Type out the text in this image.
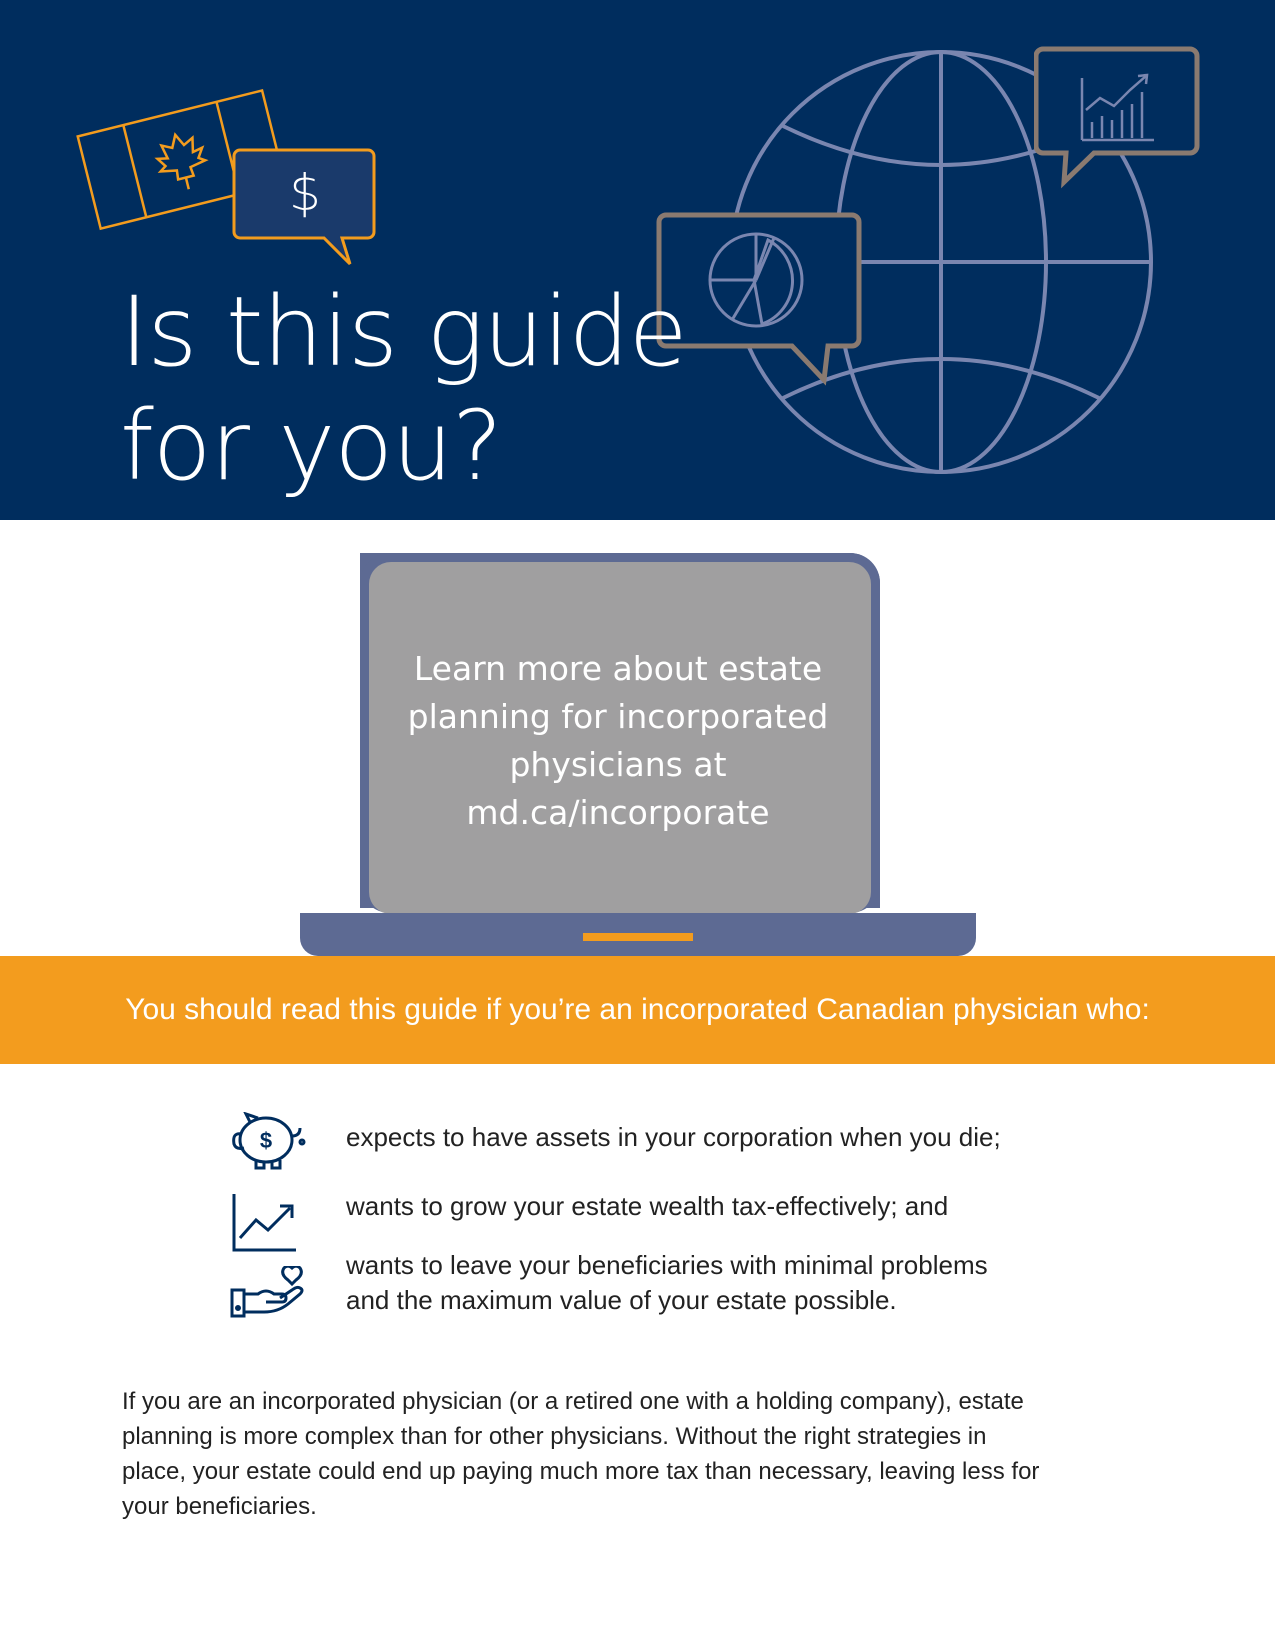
$
Is this guide
for you?
Learn more about estate
planning for incorporated
physicians at
md.ca/incorporate

You should read this guide if you’re an incorporated Canadian physician who:

$	expects to have assets in your corporation when you die;
wants to grow your estate wealth tax-effectively; and
wants to leave your beneficiaries with minimal problems
and the maximum value of your estate possible.

If you are an incorporated physician (or a retired one with a holding company), estate
planning is more complex than for other physicians. Without the right strategies in
place, your estate could end up paying much more tax than necessary, leaving less for
your beneficiaries.
